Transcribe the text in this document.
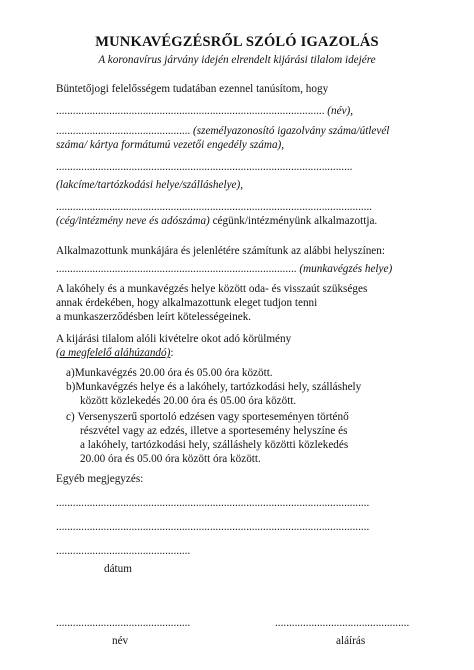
MUNKAVÉGZÉSRŐL SZÓLÓ IGAZOLÁS
A koronavírus járvány idején elrendelt kijárási tilalom idejére
Büntetőjogi felelősségem tudatában ezennel tanúsítom, hogy
................................................................................................ (név),
................................................ (személyazonosító igazolvány száma/útlevél
száma/ kártya formátumú vezetői engedély száma),
..........................................................................................................
(lakcíme/tartózkodási helye/szálláshelye),
.................................................................................................................
(cég/intézmény neve és adószáma) cégünk/intézményünk alkalmazottja.
Alkalmazottunk munkájára és jelenlétére számítunk az alábbi helyszínen:
...................................................................................... (munkavégzés helye)
A lakóhely és a munkavégzés helye között oda- és visszaút szükséges
annak érdekében, hogy alkalmazottunk eleget tudjon tenni
a munkaszerződésben leírt kötelességeinek.
A kijárási tilalom alóli kivételre okot adó körülmény
(a megfelelő aláhúzandó):
a)Munkavégzés 20.00 óra és 05.00 óra között.
b)Munkavégzés helye és a lakóhely, tartózkodási hely, szálláshely
között közlekedés 20.00 óra és 05.00 óra között.
c) Versenyszerű sportoló edzésen vagy sporteseményen történő
részvétel vagy az edzés, illetve a sportesemény helyszíne és
a lakóhely, tartózkodási hely, szálláshely közötti közlekedés
20.00 óra és 05.00 óra között óra között.
Egyéb megjegyzés:
................................................................................................................
................................................................................................................
................................................
dátum
................................................	................................................
név	aláírás
